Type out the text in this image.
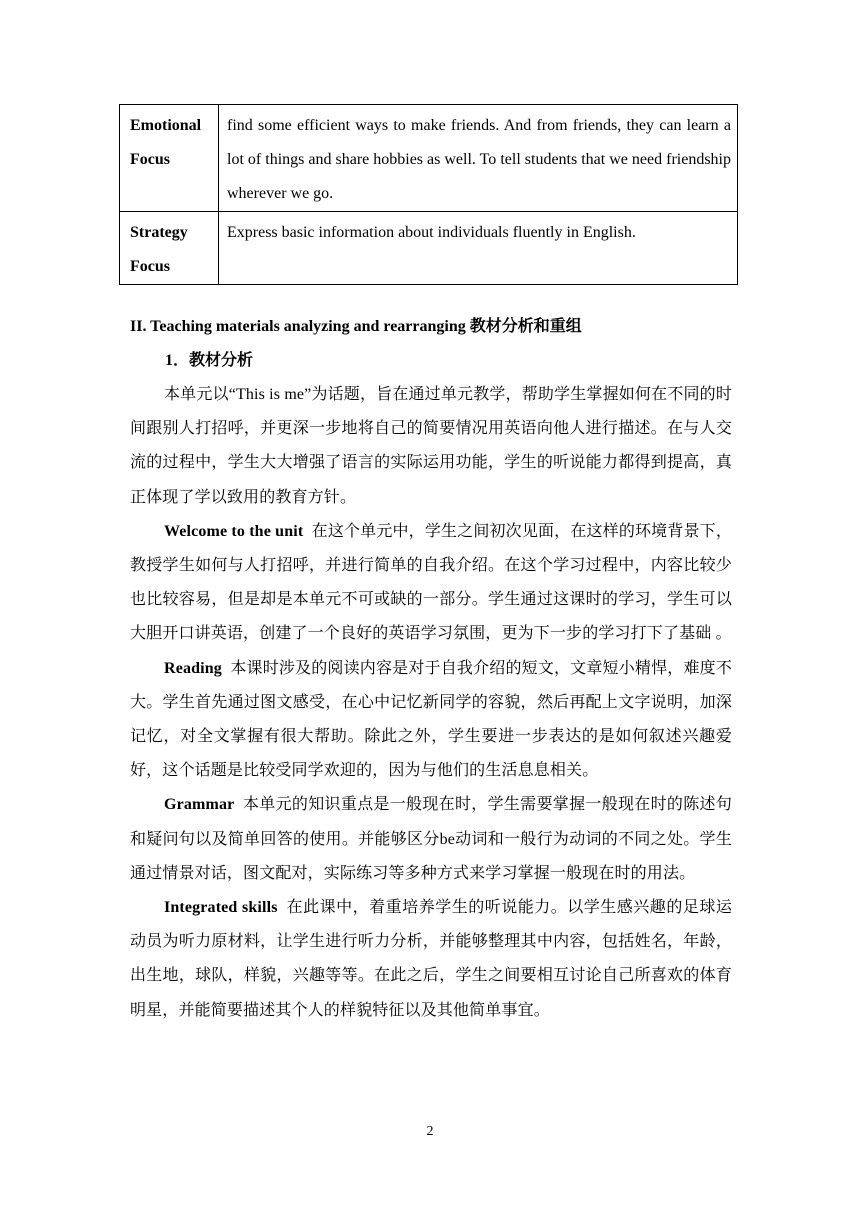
Emotional
Focus	find some efficient ways to make friends. And from friends, they can learn a lot of things and share hobbies as well. To tell students that we need friendship wherever we go.

Strategy
Focus	Express basic information about individuals fluently in English.

II. Teaching materials analyzing and rearranging 教材分析和重组

1．教材分析

本单元以“This is me”为话题，旨在通过单元教学，帮助学生掌握如何在不同的时间跟别人打招呼，并更深一步地将自己的简要情况用英语向他人进行描述。在与人交流的过程中，学生大大增强了语言的实际运用功能，学生的听说能力都得到提高，真正体现了学以致用的教育方针。

Welcome to the unit 在这个单元中，学生之间初次见面，在这样的环境背景下，教授学生如何与人打招呼，并进行简单的自我介绍。在这个学习过程中，内容比较少也比较容易，但是却是本单元不可或缺的一部分。学生通过这课时的学习，学生可以大胆开口讲英语，创建了一个良好的英语学习氛围，更为下一步的学习打下了基础 。

Reading 本课时涉及的阅读内容是对于自我介绍的短文，文章短小精悍，难度不大。学生首先通过图文感受，在心中记忆新同学的容貌，然后再配上文字说明，加深记忆，对全文掌握有很大帮助。除此之外，学生要进一步表达的是如何叙述兴趣爱好，这个话题是比较受同学欢迎的，因为与他们的生活息息相关。

Grammar 本单元的知识重点是一般现在时，学生需要掌握一般现在时的陈述句和疑问句以及简单回答的使用。并能够区分be动词和一般行为动词的不同之处。学生通过情景对话，图文配对，实际练习等多种方式来学习掌握一般现在时的用法。

Integrated skills 在此课中，着重培养学生的听说能力。以学生感兴趣的足球运动员为听力原材料，让学生进行听力分析，并能够整理其中内容，包括姓名，年龄，出生地，球队，样貌，兴趣等等。在此之后，学生之间要相互讨论自己所喜欢的体育明星，并能简要描述其个人的样貌特征以及其他简单事宜。

2
